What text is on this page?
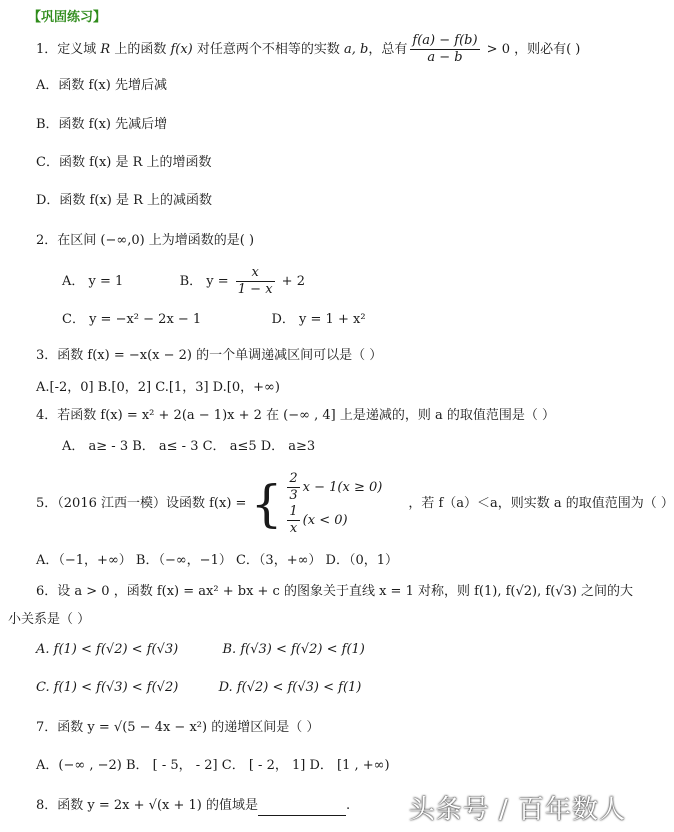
【巩固练习】
1．定义域 R 上的函数 f(x) 对任意两个不相等的实数 a, b，总有 $\frac{f(a) - f(b)}{a - b} > 0$ ，则必有( )
A．函数 f(x) 先增后减
B．函数 f(x) 先减后增
C．函数 f(x) 是 R 上的增函数
D．函数 f(x) 是 R 上的减函数
2．在区间 (−∞,0) 上为增函数的是( )
A． y = 1	B． $y = \frac{x}{1 - x} + 2$
C． y = −x² − 2x − 1	D． y = 1 + x²
3．函数 f(x) = −x(x − 2) 的一个单调递减区间可以是（ ）
A.[-2，0] B.[0，2] C.[1，3] D.[0，+∞)
4．若函数 f(x) = x² + 2(a − 1)x + 2 在 (−∞ , 4] 上是递减的，则 a 的取值范围是（ ）
A． a≥ - 3 B． a≤ - 3 C． a≤5 D． a≥3
5．（2016 江西一模）设函数 f(x) = { $\frac{2}{3}$ x − 1(x ≥ 0)
$\frac{1}{x} (x < 0)$
，若 f（a）＜a，则实数 a 的取值范围为（ ）
A．（−1，+∞） B．（−∞，−1） C．（3，+∞） D．（0，1）
6．设 a > 0 ，函数 f(x) = ax² + bx + c 的图象关于直线 x = 1 对称，则 f(1), f(√2), f(√3) 之间的大
小关系是（ ）
A. f(1) < f(√2) < f(√3)	B. f(√3) < f(√2) < f(1)
C. f(1) < f(√3) < f(√2)	D. f(√2) < f(√3) < f(1)
7．函数 y = √(5 − 4x − x²) 的递增区间是（ ）
A．(−∞ , −2) B． [ - 5， - 2] C． [ - 2， 1] D． [1 , +∞)
8．函数 y = 2x + √(x + 1) 的值域是	. 头条号 / 百年数人
